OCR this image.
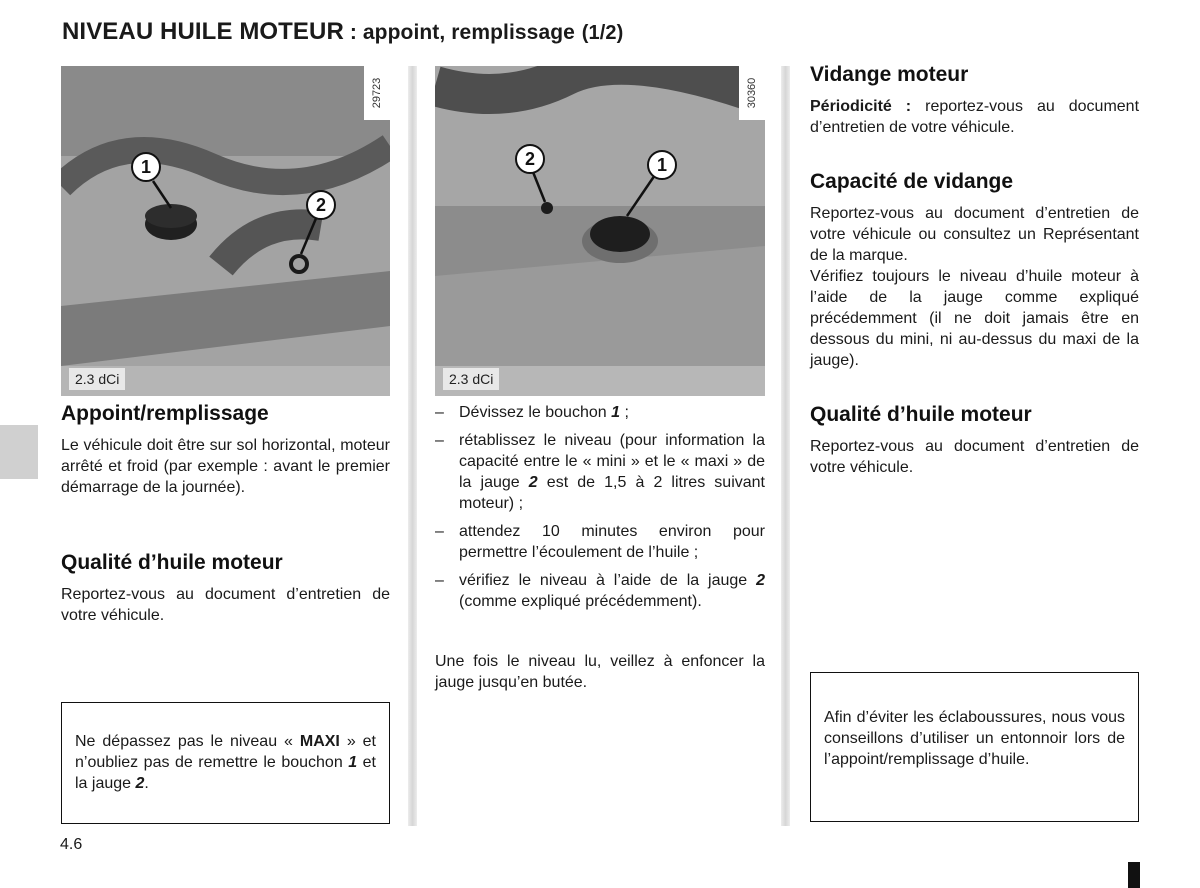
NIVEAU HUILE MOTEUR : appoint, remplissage (1/2)
1
2
29723
2.3 dCi
2	1
30360
2.3 dCi
Appoint/remplissage

Le véhicule doit être sur sol horizontal, moteur arrêté et froid (par exemple : avant le premier démarrage de la journée).

Qualité d’huile moteur

Reportez-vous au document d’entretien de votre véhicule.

Ne dépassez pas le niveau « MAXI » et n’oubliez pas de remettre le bouchon 1 et la jauge 2.
– Dévissez le bouchon 1 ;
– rétablissez le niveau (pour information la capacité entre le « mini » et le « maxi » de la jauge 2 est de 1,5 à 2 litres suivant moteur) ;
– attendez 10 minutes environ pour permettre l’écoulement de l’huile ;
– vérifiez le niveau à l’aide de la jauge 2 (comme expliqué précédemment).

Une fois le niveau lu, veillez à enfoncer la jauge jusqu’en butée.

Vidange moteur

Périodicité : reportez-vous au document d’entretien de votre véhicule.

Capacité de vidange

Reportez-vous au document d’entretien de votre véhicule ou consultez un Représentant de la marque.

Vérifiez toujours le niveau d’huile moteur à l’aide de la jauge comme expliqué précédemment (il ne doit jamais être en dessous du mini, ni au-dessus du maxi de la jauge).

Qualité d’huile moteur

Reportez-vous au document d’entretien de votre véhicule.

Afin d’éviter les éclaboussures, nous vous conseillons d’utiliser un entonnoir lors de l’appoint/remplissage d’huile.
4.6
